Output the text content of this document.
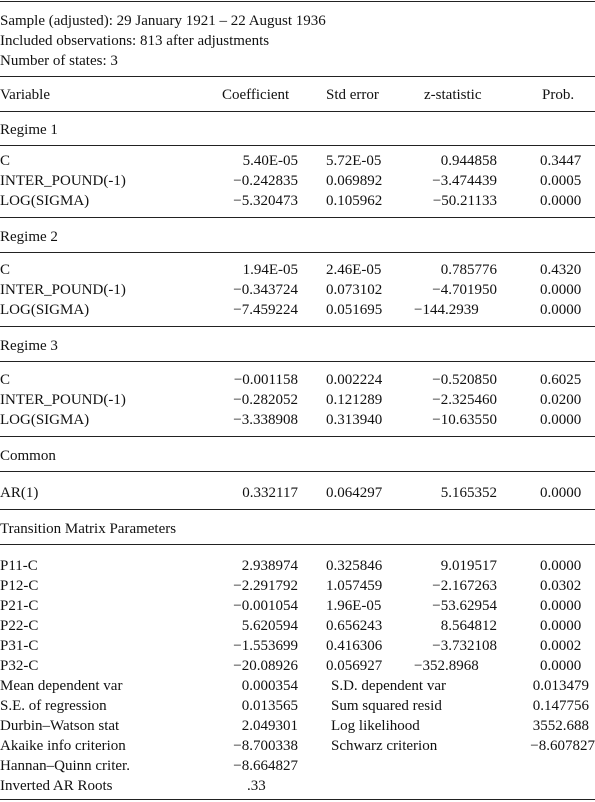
Sample (adjusted): 29 January 1921 – 22 August 1936
Included observations: 813 after adjustments
Number of states: 3
Variable	Coefficient Std error	z-statistic	Prob.
Regime 1
C	5.40E-05 5.72E-05	0.944858	0.3447
INTER_POUND(-1)	−0.242835 0.069892	−3.474439	0.0005
LOG(SIGMA)	−5.320473 0.105962	−50.21133	0.0000
Regime 2
C	1.94E-05 2.46E-05	0.785776	0.4320
INTER_POUND(-1)	−0.343724 0.073102	−4.701950	0.0000
LOG(SIGMA)	−7.459224 0.051695 −144.2939	0.0000
Regime 3
C	−0.001158 0.002224	−0.520850	0.6025
INTER_POUND(-1)	−0.282052 0.121289	−2.325460	0.0200
LOG(SIGMA)	−3.338908 0.313940	−10.63550	0.0000
Common
AR(1)	0.332117 0.064297	5.165352	0.0000
Transition Matrix Parameters
P11-C	2.938974 0.325846	9.019517	0.0000
P12-C	−2.291792 1.057459	−2.167263	0.0302
P21-C	−0.001054 1.96E-05	−53.62954	0.0000
P22-C	5.620594 0.656243	8.564812	0.0000
P31-C	−1.553699 0.416306	−3.732108	0.0002
P32-C	−20.08926 0.056927 −352.8968	0.0000
Mean dependent var	0.000354 S.D. dependent var	0.013479
S.E. of regression	0.013565 Sum squared resid	0.147756
Durbin–Watson stat	2.049301 Log likelihood	3552.688
Akaike info criterion	−8.700338 Schwarz criterion	−8.607827
Hannan–Quinn criter.	−8.664827
Inverted AR Roots	.33
